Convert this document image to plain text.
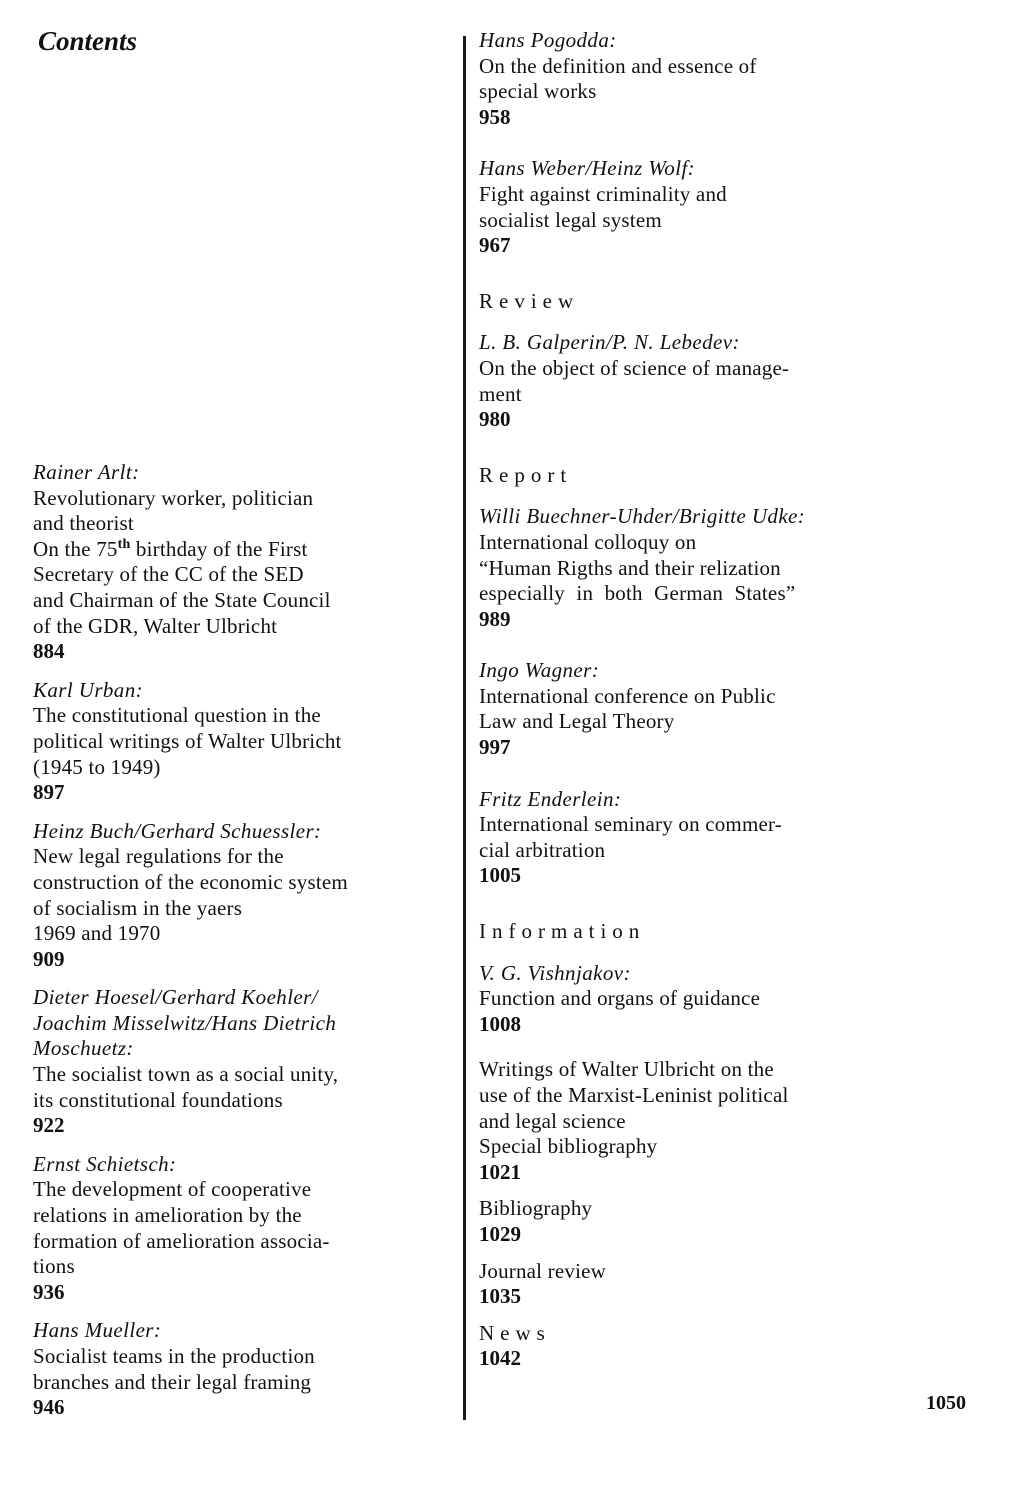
Contents
Rainer Arlt:
Revolutionary worker, politician
and theorist
On the 75th birthday of the First
Secretary of the CC of the SED
and Chairman of the State Council
of the GDR, Walter Ulbricht
884
Karl Urban:
The constitutional question in the
political writings of Walter Ulbricht
(1945 to 1949)
897
Heinz Buch/Gerhard Schuessler:
New legal regulations for the
construction of the economic system
of socialism in the yaers
1969 and 1970
909
Dieter Hoesel/Gerhard Koehler/
Joachim Misselwitz/Hans Dietrich
Moschuetz:
The socialist town as a social unity,
its constitutional foundations
922
Ernst Schietsch:
The development of cooperative
relations in amelioration by the
formation of amelioration associa-
tions
936
Hans Mueller:
Socialist teams in the production
branches and their legal framing
946
Hans Pogodda:
On the definition and essence of
special works
958
Hans Weber/Heinz Wolf:
Fight against criminality and
socialist legal system
967
Review
L. B. Galperin/P. N. Lebedev:
On the object of science of manage-
ment
980
Report
Willi Buechner-Uhder/Brigitte Udke:
International colloquy on
“Human Rigths and their relization
especially in both German States”
989
Ingo Wagner:
International conference on Public
Law and Legal Theory
997
Fritz Enderlein:
International seminary on commer-
cial arbitration
1005
Information
V. G. Vishnjakov:
Function and organs of guidance
1008
Writings of Walter Ulbricht on the
use of the Marxist-Leninist political
and legal science
Special bibliography
1021
Bibliography
1029
Journal review
1035
News
1042
1050
